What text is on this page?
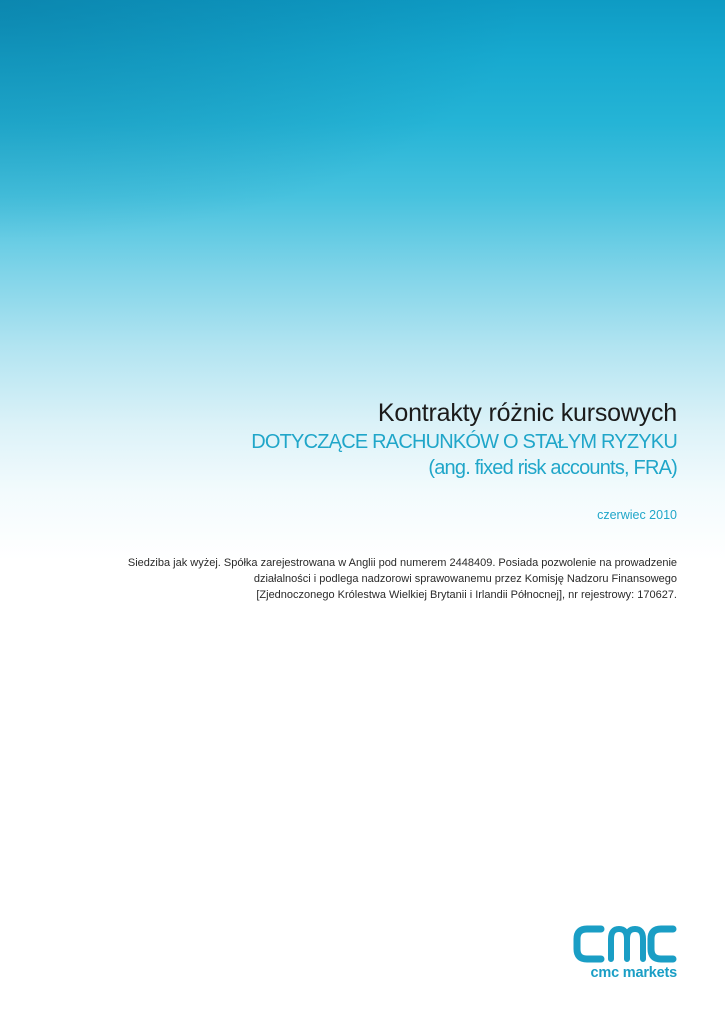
Kontrakty różnic kursowych
DOTYCZĄCE RACHUNKÓW O STAŁYM RYZYKU
(ang. fixed risk accounts, FRA)
czerwiec 2010
Siedziba jak wyżej. Spółka zarejestrowana w Anglii pod numerem 2448409. Posiada pozwolenie na prowadzenie
działalności i podlega nadzorowi sprawowanemu przez Komisję Nadzoru Finansowego
[Zjednoczonego Królestwa Wielkiej Brytanii i Irlandii Północnej], nr rejestrowy: 170627.
cmc markets
